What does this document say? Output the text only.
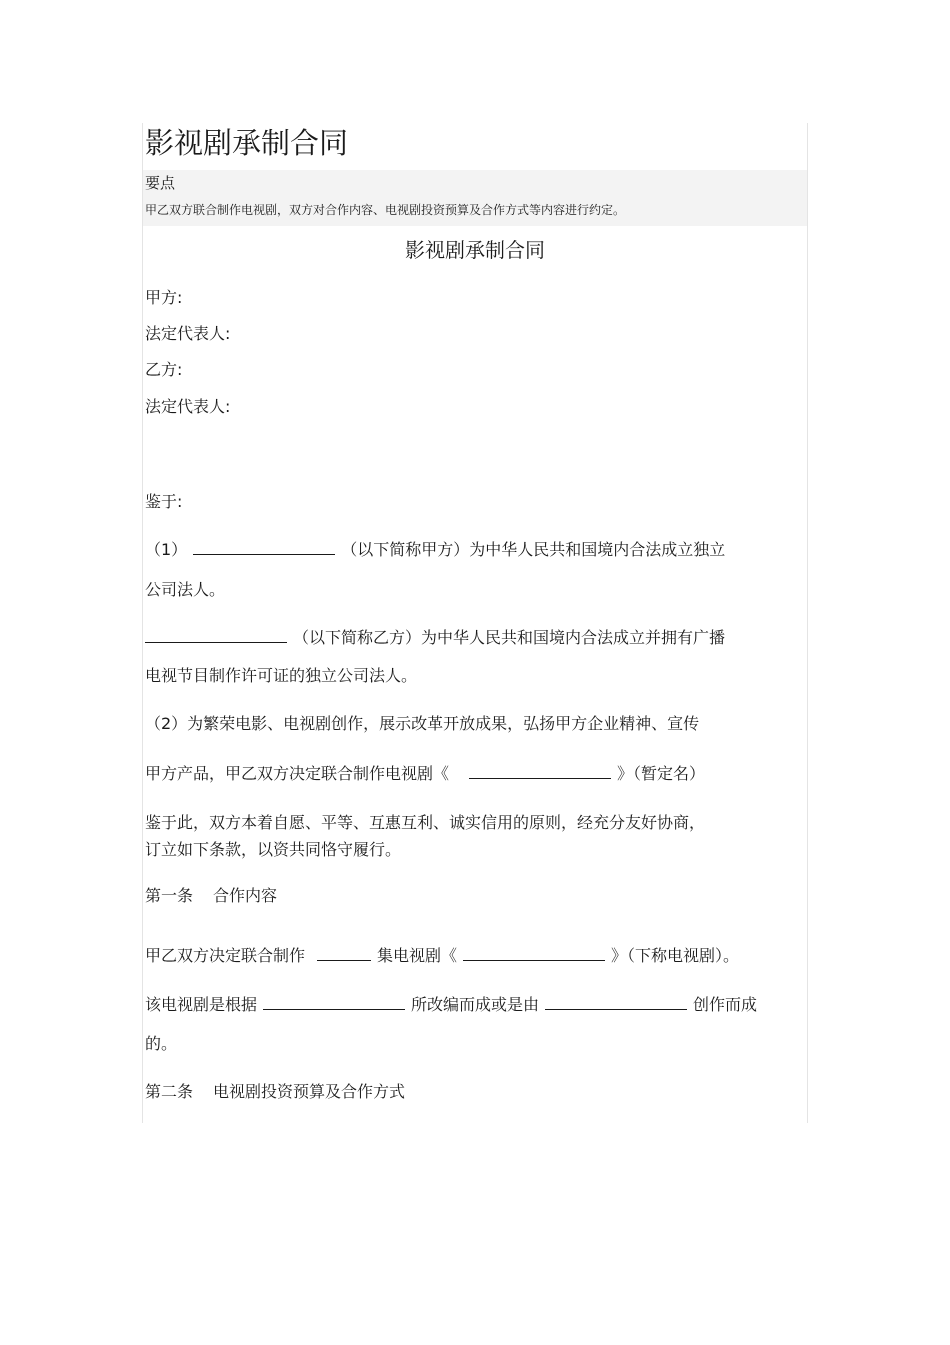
影视剧承制合同
要点
甲乙双方联合制作电视剧，双方对合作内容、电视剧投资预算及合作方式等内容进行约定。
影视剧承制合同
甲方:
法定代表人:
乙方:
法定代表人:
鉴于:
（1）	（以下简称甲方）为中华人民共和国境内合法成立独立
公司法人。
（以下简称乙方）为中华人民共和国境内合法成立并拥有广播
电视节目制作许可证的独立公司法人。
（2）为繁荣电影、电视剧创作，展示改革开放成果，弘扬甲方企业精神、宣传
甲方产品，甲乙双方决定联合制作电视剧《	》（暂定名）
鉴于此，双方本着自愿、平等、互惠互利、诚实信用的原则，经充分友好协商，
订立如下条款，以资共同恪守履行。
第一条 合作内容
甲乙双方决定联合制作	集电视剧《	》（下称电视剧）。
该电视剧是根据	所改编而成或是由	创作而成
的。
第二条 电视剧投资预算及合作方式
